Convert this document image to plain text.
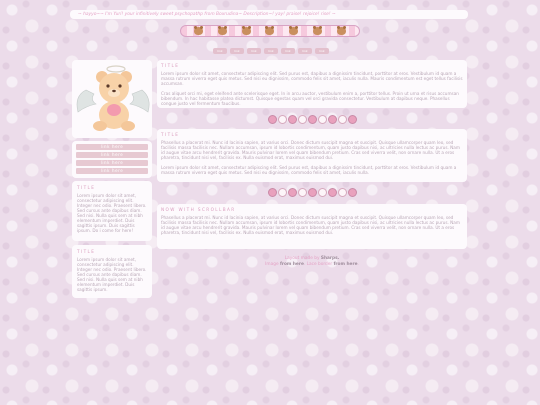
~ hayyo~~ I'm Yuri! your infinitively sweet psychopathp from Boxrudina~ Description~! yay! praise! rejoice! rise! ~
link	link	link	link	link	link	link
link here
link here
link here
link here
TITLE
Lorem ipsum dolor sit amet, consectetur adipiscing elit. Integer nec odio. Praesent libero. Sed cursus ante dapibus diam. Sed nisi. Nulla quis sem at nibh elementum imperdiet. Duis sagittis ipsum. Duis sagittis ipsum. Do i come for here!
TITLE
Lorem ipsum dolor sit amet, consectetur adipiscing elit. Integer nec odio. Praesent libero. Sed cursus ante dapibus diam. Sed nisi. Nulla quis sem at nibh elementum imperdiet. Duis sagittis ipsum.
TITLE

Lorem ipsum dolor sit amet, consectetur adipiscing elit. Sed purus est, dapibus a dignissim tincidunt, porttitor at eros. Vestibulum id quam a massa rutrum viverra eget quis metus. Sed nisi eu dignissim, commodo felis sit amet, iaculis nulla. Mauris condimentum est eget tellus facilisis accumsan.

Cras aliquet orci mi, eget eleifend ante scelerisque eget. In in arcu auctor, vestibulum enim a, porttitor tellus. Proin ut urna et risus accumsan bibendum. In hac habitasse platea dictumst. Quisque egestas quam vel orci gravida consectetur. Vestibulum at dapibus neque. Phasellus congue justo vel fermentum faucibus.

TITLE

Phasellus a placerat mi. Nunc id lacinia sapien, at varius orci. Donec dictum suscipit magna et suscipit. Quisque ullamcorper quam leo, sed facilisis massa facilisis nec. Nullam accumsan, ipsum id lobortis condimentum, quam justo dapibus nisi, ac ultricies nulla lectus ac purus. Nam id augue vitae arcu hendrerit gravida. Mauris pulvinar lorem vel quam bibendum pretium. Cras sed viverra velit, non ornare nulla. Ut a eros pharetra, tincidunt nisi vel, facilisis ex. Nulla euismod erat, maximus euismod dui.

Lorem ipsum dolor sit amet, consectetur adipiscing elit. Sed purus est, dapibus a dignissim tincidunt, porttitor at eros. Vestibulum id quam a massa rutrum viverra eget quis metus. Sed nisi eu dignissim, commodo felis sit amet, iaculis nulla.

NOW WITH SCROLLBAR

Phasellus a placerat mi. Nunc id lacinia sapien, at varius orci. Donec dictum suscipit magna et suscipit. Quisque ullamcorper quam leo, sed facilisis massa facilisis nec. Nullam accumsan, ipsum id lobortis condimentum, quam justo dapibus nisi, ac ultricies nulla lectus ac purus. Nam id augue vitae arcu hendrerit gravida. Mauris pulvinar lorem vel quam bibendum pretium. Cras sed viverra velit, non ornare nulla. Ut a eros pharetra, tincidunt nisi vel, facilisis ex. Nulla euismod erat, maximus euismod dui.

Layout made by Sharps.
Image from here. Lace border from here.
